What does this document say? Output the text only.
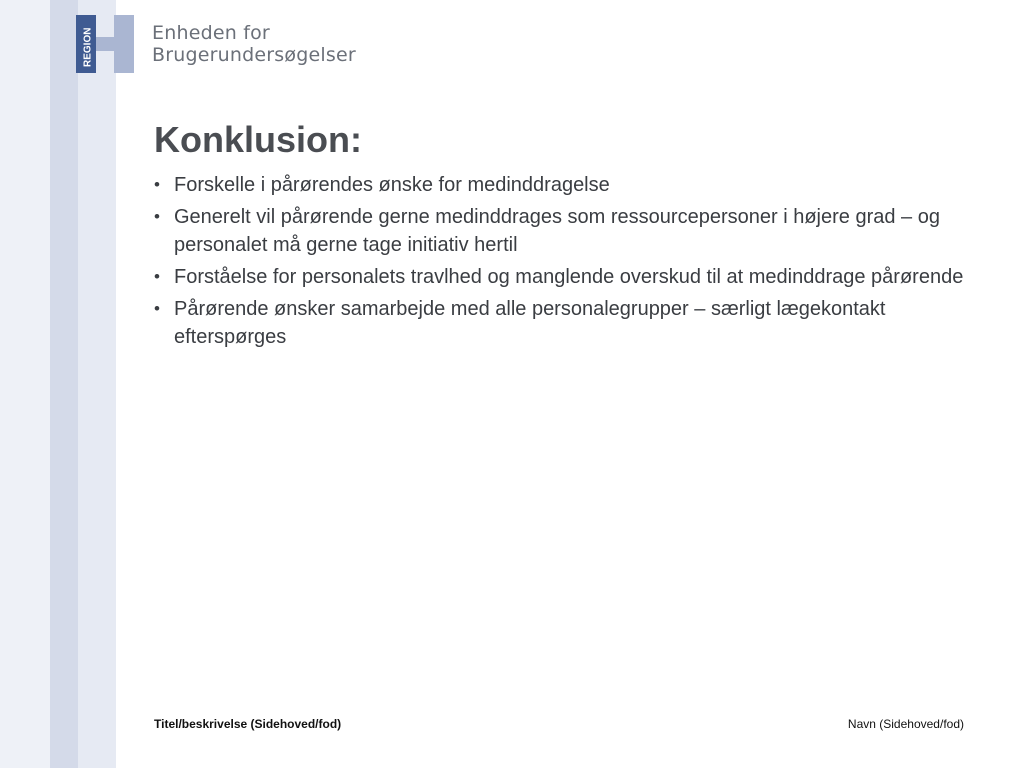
REGION	Enheden for
Brugerundersøgelser
Konklusion:
• Forskelle i pårørendes ønske for medinddragelse
• Generelt vil pårørende gerne medinddrages som ressourcepersoner i højere grad – og personalet må gerne tage initiativ hertil
• Forståelse for personalets travlhed og manglende overskud til at medinddrage pårørende
• Pårørende ønsker samarbejde med alle personalegrupper – særligt lægekontakt efterspørges
Titel/beskrivelse (Sidehoved/fod)	Navn (Sidehoved/fod)
